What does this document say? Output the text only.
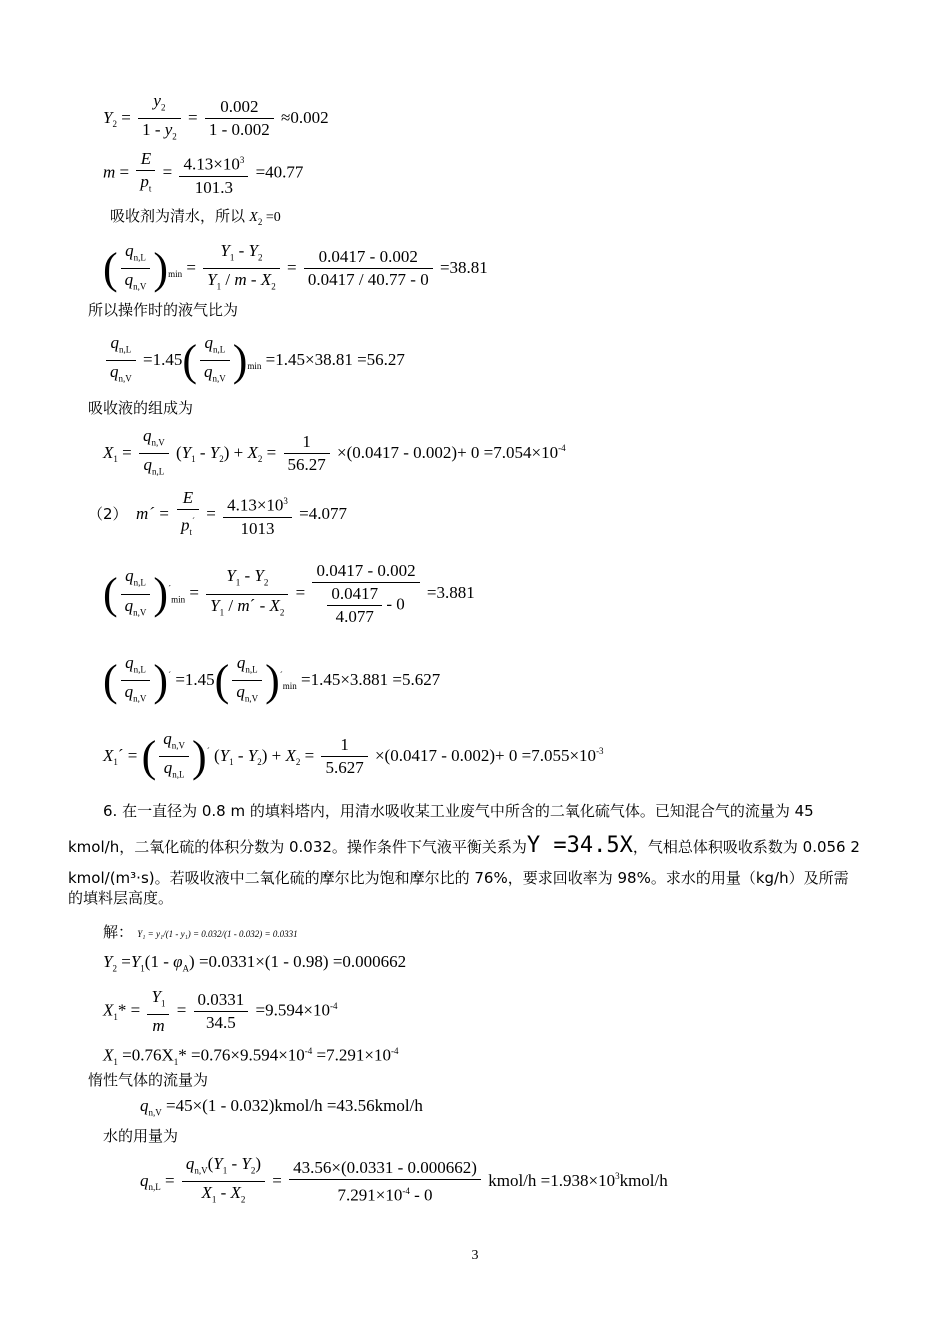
$Y_2 = \frac{y_2}{1 - y_2} = \frac{0.002}{1 - 0.002} \approx 0.002$
$m = \frac{E}{p_t} = \frac{4.13\times 10^3}{101.3} =40.77$
吸收剂为清水，所以 $X_2 =0$
( $\frac{q_{n,L}}{q_{n,V}} )_{min} = \frac{Y_1 - Y_2}{Y_1 / m - X_2} = \frac{0.0417 - 0.002}{0.0417 / 40.77 - 0} =38.81$
所以操作时的液气比为
$\frac{q_{n,L}}{q_{n,V}} =1.45( \frac{q_{n,L}}{q_{n,V}} )_{min} =1.45\times 38.81 =56.27$
吸收液的组成为
$X_1 = \frac{q_{n,V}}{q_{n,L}} (Y_1 - Y_2) + X_2 = \frac{1}{56.27} \times(0.0417 - 0.002)+ 0 =7.054\times 10^{-4}$
（2） m´ = $\frac{E}{p_t^´} = \frac{4.13\times 10^3}{1013} =4.077$
( $\frac{q_{n,L}}{q_{n,V}} )^´_{min} = \frac{Y_1 - Y_2}{Y_1 / m´ - X_2} = \frac{0.0417 - 0.002}{\frac{0.0417}{4.077} - 0} =3.881$
( $\frac{q_{n,L}}{q_{n,V}} )^´ =1.45( \frac{q_{n,L}}{q_{n,V}} )^´_{min} =1.45\times 3.881 =5.627$
$X_1´$ = ( $\frac{q_{n,V}}{q_{n,L}} )^´$ $(Y_1 - Y_2) + X_2 = \frac{1}{5.627} \times(0.0417 - 0.002)+ 0 =7.055\times 10^{-3}$
6. 在一直径为 0.8 m 的填料塔内，用清水吸收某工业废气中所含的二氧化硫气体。已知混合气的流量为 45
kmol/h，二氧化硫的体积分数为 0.032。操作条件下气液平衡关系为Y =34.5X，气相总体积吸收系数为 0.056 2
kmol/(m³·s)。若吸收液中二氧化硫的摩尔比为饱和摩尔比的 76%，要求回收率为 98%。求水的用量（kg/h）及所需
的填料层高度。
解： Y₁ = y₁/(1 - y₁) = 0.032/(1 - 0.032) = 0.0331
$Y_2 =Y_1(1 - \varphi_A) =0.0331\times(1 - 0.98) =0.000662$
$X_1* = \frac{Y_1}{m} = \frac{0.0331}{34.5} =9.594\times 10^{-4}$
$X_1 =0.76X_1* =0.76\times 9.594\times 10^{-4} =7.291\times 10^{-4}$
惰性气体的流量为
$q_{n,V} =45\times(1$ - 0.032)kmol/h =43.56kmol/h
水的用量为
$q_{n,L} = \frac{q_{n,V}(Y_1 - Y_2)}{X_1 - X_2} = \frac{43.56\times(0.0331 - 0.000662)}{7.291\times 10^{-4} - 0}$ kmol/h $=1.938\times 10^3kmol/h$
3
